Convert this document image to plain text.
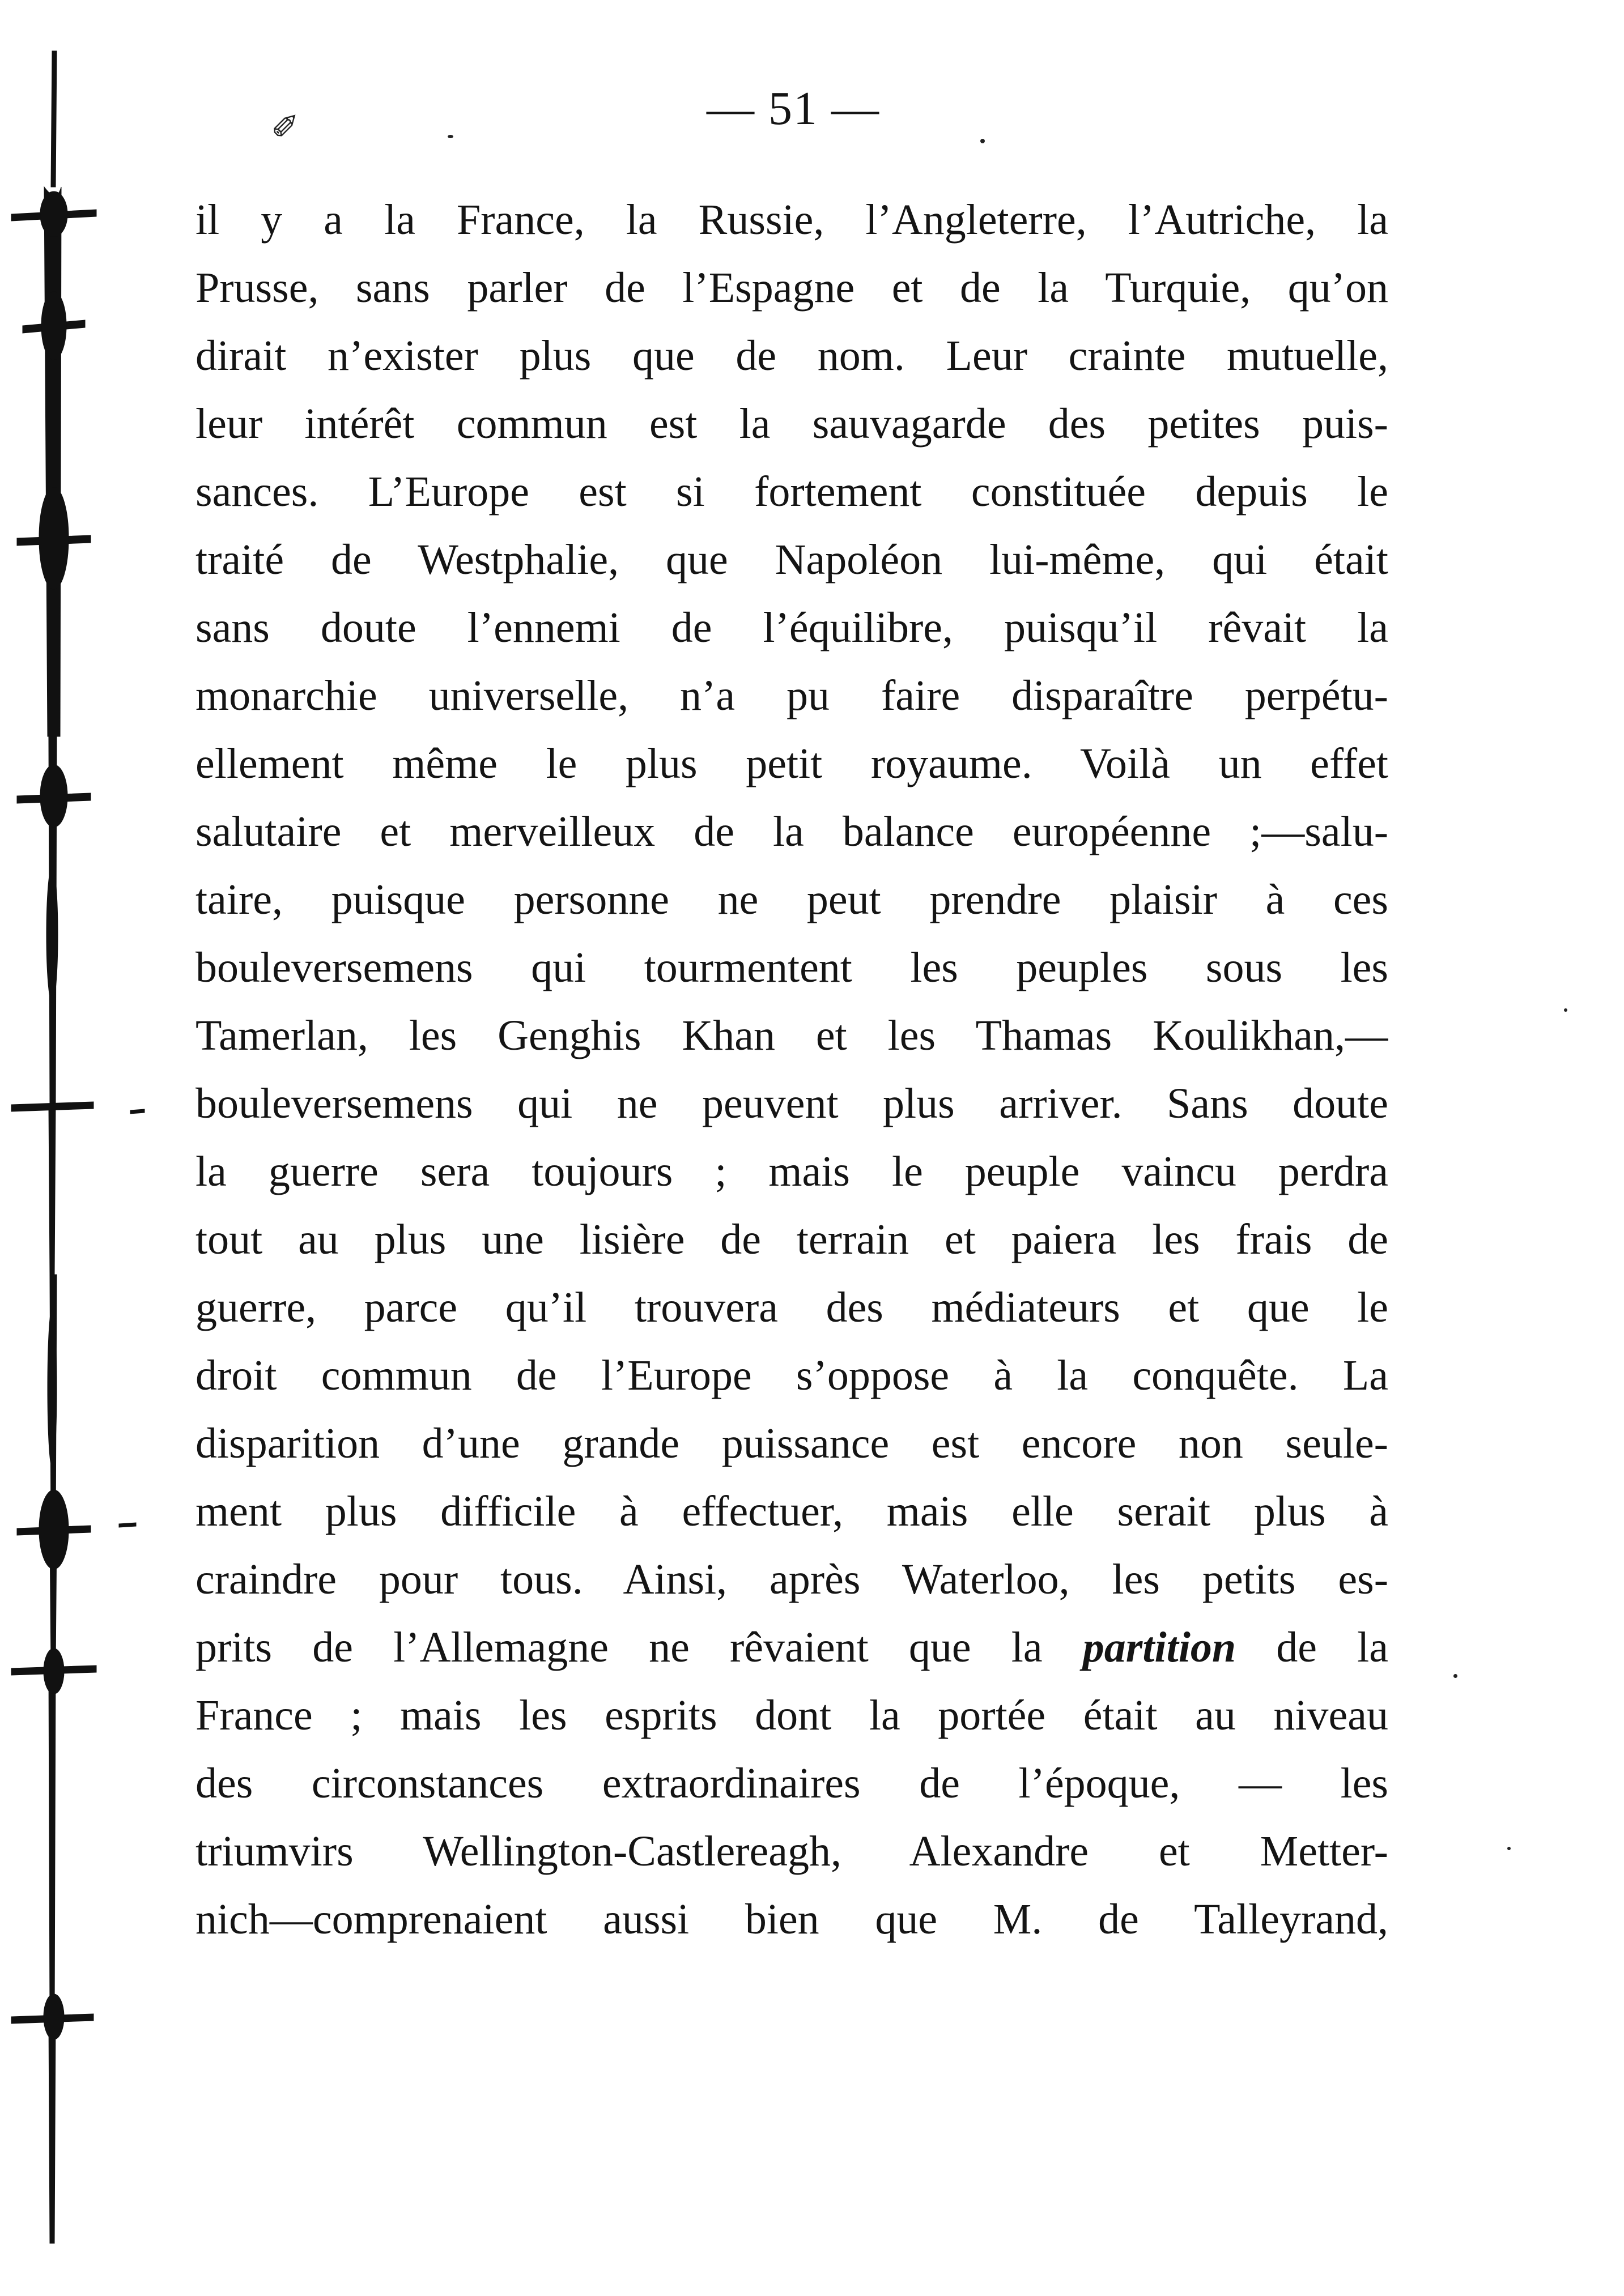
✐	— 51 —
il y a la France, la Russie, l’Angleterre, l’Autriche, la
Prusse, sans parler de l’Espagne et de la Turquie, qu’on
dirait n’exister plus que de nom. Leur crainte mutuelle,
leur intérêt commun est la sauvagarde des petites puis-
sances. L’Europe est si fortement constituée depuis le
traité de Westphalie, que Napoléon lui-même, qui était
sans doute l’ennemi de l’équilibre, puisqu’il rêvait la
monarchie universelle, n’a pu faire disparaître perpétu-
ellement même le plus petit royaume. Voilà un effet
salutaire et merveilleux de la balance européenne ;—salu-
taire, puisque personne ne peut prendre plaisir à ces
bouleversemens qui tourmentent les peuples sous les
Tamerlan, les Genghis Khan et les Thamas Koulikhan,—
bouleversemens qui ne peuvent plus arriver. Sans doute
la guerre sera toujours ; mais le peuple vaincu perdra
tout au plus une lisière de terrain et paiera les frais de
guerre, parce qu’il trouvera des médiateurs et que le
droit commun de l’Europe s’oppose à la conquête. La
disparition d’une grande puissance est encore non seule-
ment plus difficile à effectuer, mais elle serait plus à
craindre pour tous. Ainsi, après Waterloo, les petits es-
prits de l’Allemagne ne rêvaient que la partition de la
France ; mais les esprits dont la portée était au niveau
des circonstances extraordinaires de l’époque, — les
triumvirs Wellington-Castlereagh, Alexandre et Metter-
nich—comprenaient aussi bien que M. de Talleyrand,
